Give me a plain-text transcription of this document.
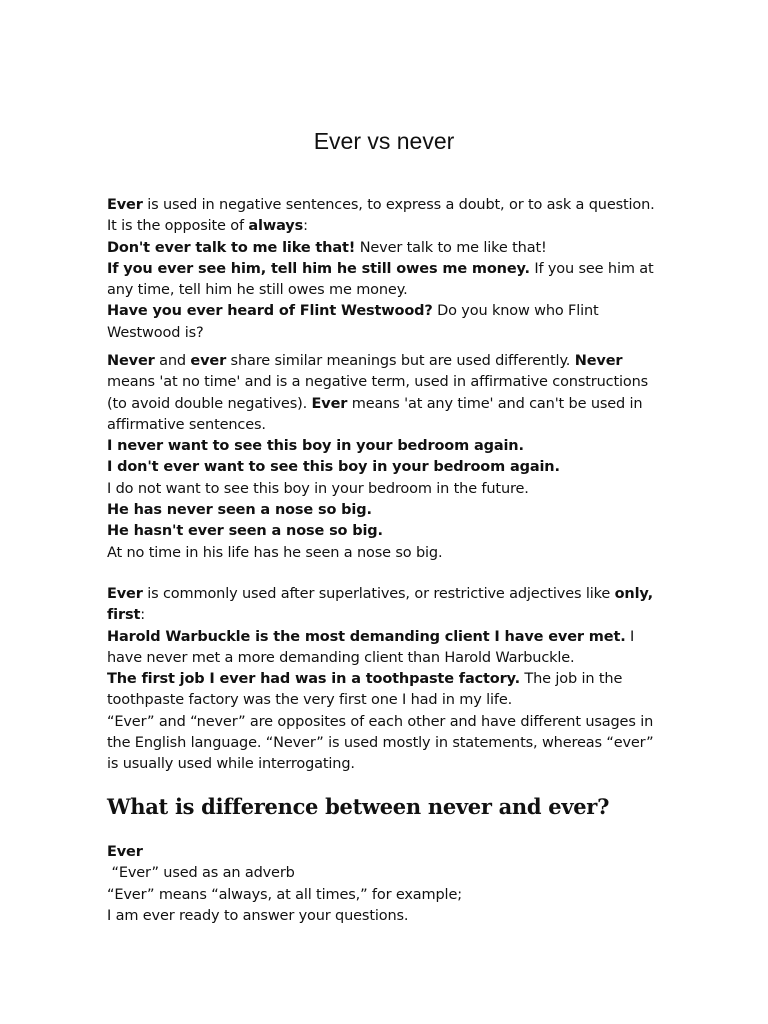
Ever vs never

Ever is used in negative sentences, to express a doubt, or to ask a question. It is the opposite of always:

Don't ever talk to me like that! Never talk to me like that!

If you ever see him, tell him he still owes me money. If you see him at any time, tell him he still owes me money.

Have you ever heard of Flint Westwood? Do you know who Flint Westwood is?

Never and ever share similar meanings but are used differently. Never means 'at no time' and is a negative term, used in affirmative constructions (to avoid double negatives). Ever means 'at any time' and can't be used in affirmative sentences.

I never want to see this boy in your bedroom again.

I don't ever want to see this boy in your bedroom again.

I do not want to see this boy in your bedroom in the future.

He has never seen a nose so big.

He hasn't ever seen a nose so big.

At no time in his life has he seen a nose so big.

Ever is commonly used after superlatives, or restrictive adjectives like only, first:

Harold Warbuckle is the most demanding client I have ever met. I have never met a more demanding client than Harold Warbuckle.

The first job I ever had was in a toothpaste factory. The job in the toothpaste factory was the very first one I had in my life.

“Ever” and “never” are opposites of each other and have different usages in the English language. “Never” is used mostly in statements, whereas “ever” is usually used while interrogating.

What is difference between never and ever?

Ever

“Ever” used as an adverb

“Ever” means “always, at all times,” for example;

I am ever ready to answer your questions.
